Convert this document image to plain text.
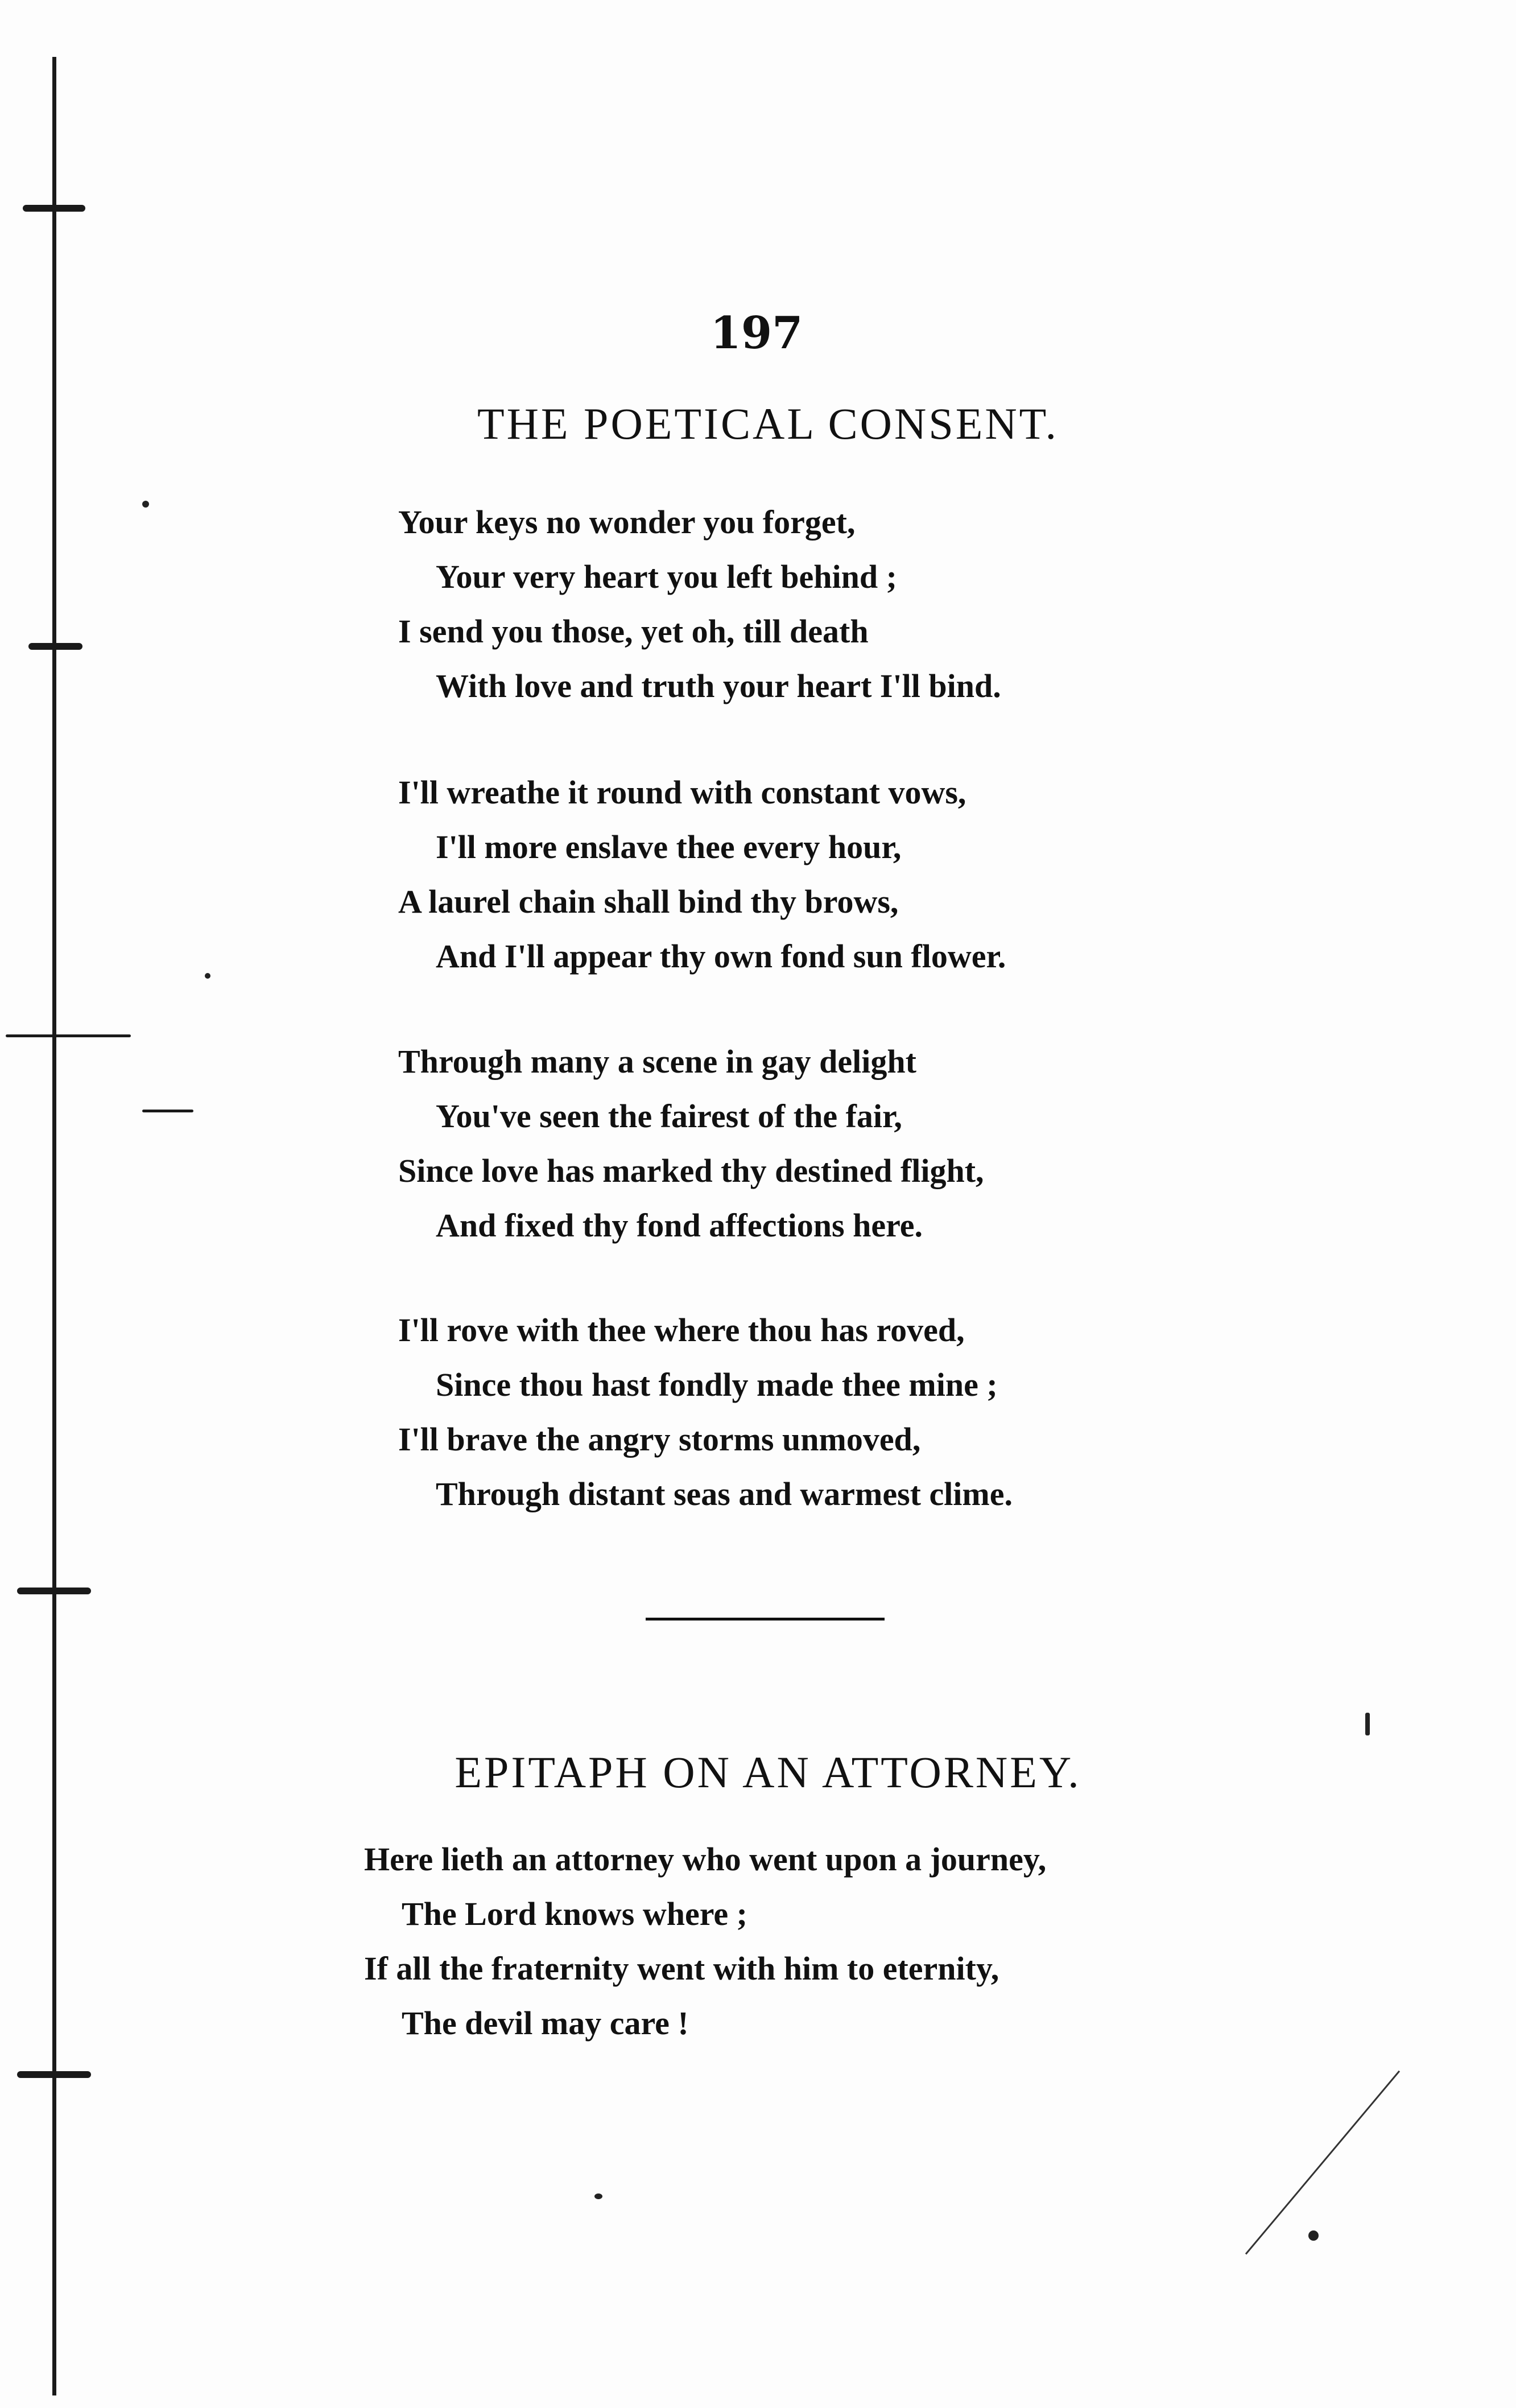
197
THE POETICAL CONSENT.
Your keys no wonder you forget,
Your very heart you left behind ;
I send you those, yet oh, till death
With love and truth your heart I'll bind.
I'll wreathe it round with constant vows,
I'll more enslave thee every hour,
A laurel chain shall bind thy brows,
And I'll appear thy own fond sun flower.
Through many a scene in gay delight
You've seen the fairest of the fair,
Since love has marked thy destined flight,
And fixed thy fond affections here.
I'll rove with thee where thou has roved,
Since thou hast fondly made thee mine ;
I'll brave the angry storms unmoved,
Through distant seas and warmest clime.
EPITAPH ON AN ATTORNEY.
Here lieth an attorney who went upon a journey,
The Lord knows where ;
If all the fraternity went with him to eternity,
The devil may care !
